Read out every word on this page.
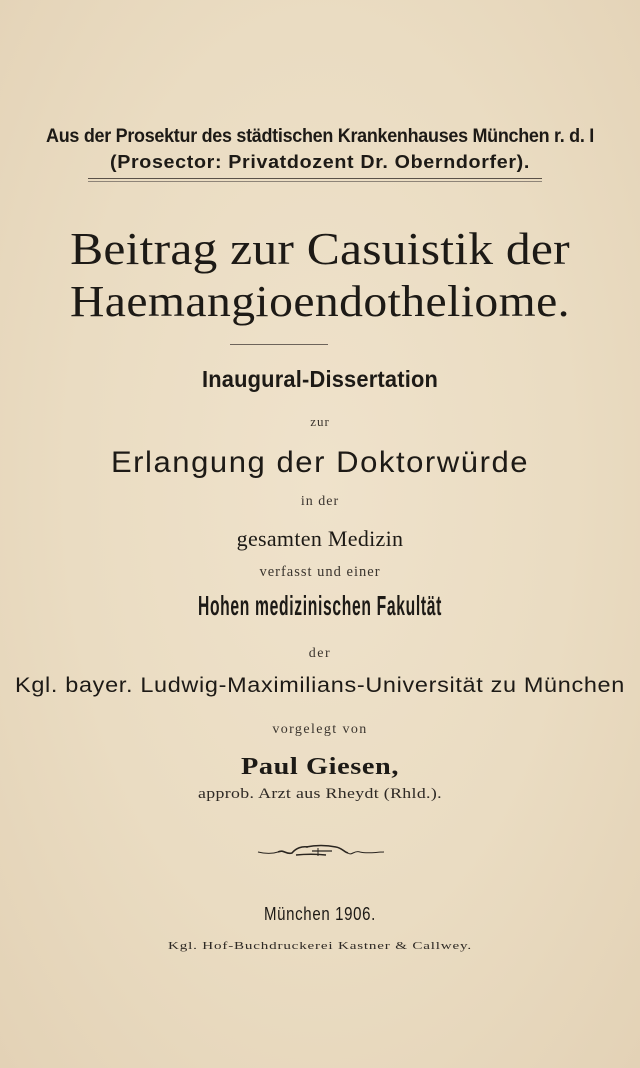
Aus der Prosektur des städtischen Krankenhauses München r. d. I
(Prosector: Privatdozent Dr. Oberndorfer).
Beitrag zur Casuistik der
Haemangioendotheliome.
Inaugural-Dissertation
zur
Erlangung der Doktorwürde
in der
gesamten Medizin
verfasst und einer
Hohen medizinischen Fakultät
der
Kgl. bayer. Ludwig-Maximilians-Universität zu München
vorgelegt von
Paul Giesen,
approb. Arzt aus Rheydt (Rhld.).
München 1906.
Kgl. Hof-Buchdruckerei Kastner & Callwey.
